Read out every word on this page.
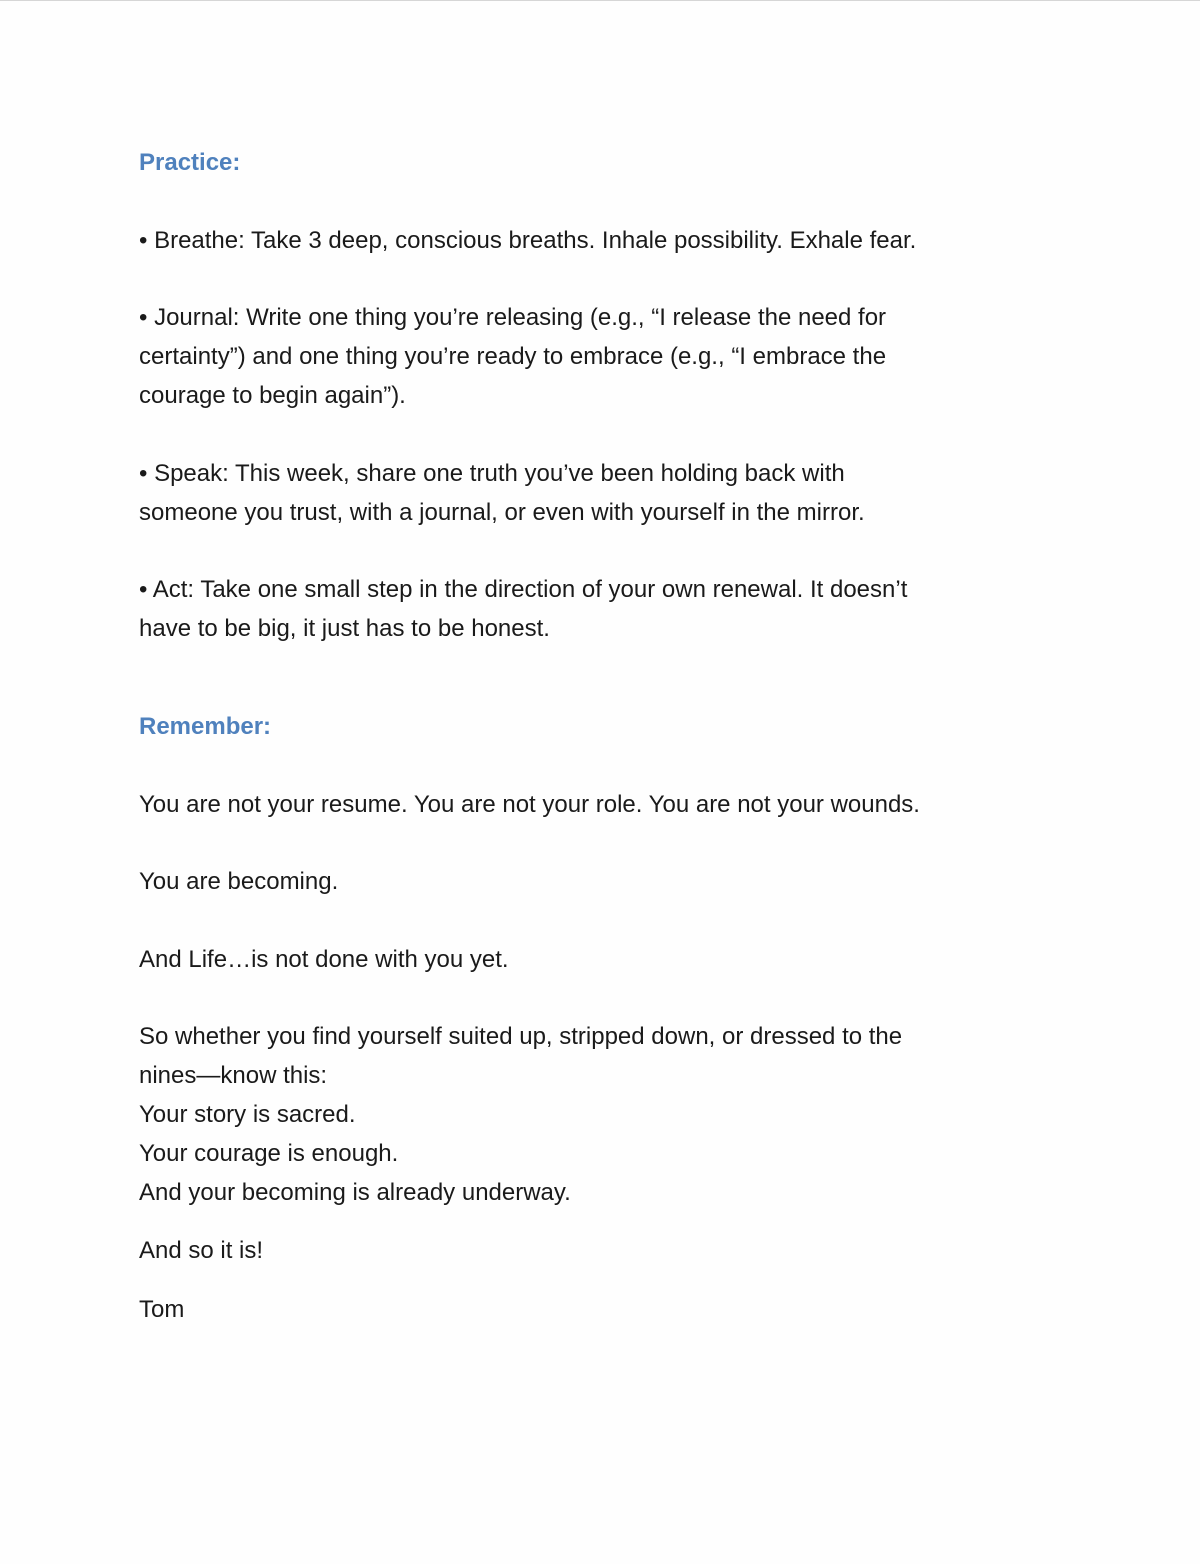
Practice:
• Breathe: Take 3 deep, conscious breaths. Inhale possibility. Exhale fear.
• Journal: Write one thing you’re releasing (e.g., “I release the need for
certainty”) and one thing you’re ready to embrace (e.g., “I embrace the
courage to begin again”).
• Speak: This week, share one truth you’ve been holding back with
someone you trust, with a journal, or even with yourself in the mirror.
• Act: Take one small step in the direction of your own renewal. It doesn’t
have to be big, it just has to be honest.
Remember:
You are not your resume. You are not your role. You are not your wounds.
You are becoming.
And Life…is not done with you yet.
So whether you find yourself suited up, stripped down, or dressed to the
nines—know this:
Your story is sacred.
Your courage is enough.
And your becoming is already underway.
And so it is!
Tom
